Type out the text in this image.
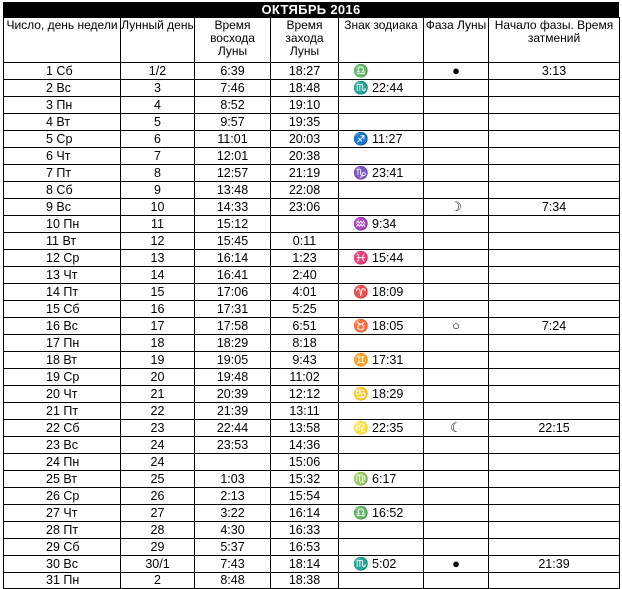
ОКТЯБРЬ 2016
Число, день недели	Лунный день	Время восхода Луны	Время захода Луны	Знак зодиака	Фаза Луны	Начало фазы. Время затмений
1 Сб	1/2	6:39	18:27	♎	●	3:13
2 Вс	3	7:46	18:48	♏ 22:44		
3 Пн	4	8:52	19:10			
4 Вт	5	9:57	19:35			
5 Ср	6	11:01	20:03	♐ 11:27		
6 Чт	7	12:01	20:38			
7 Пт	8	12:57	21:19	♑ 23:41		
8 Сб	9	13:48	22:08			
9 Вс	10	14:33	23:06		☽	7:34
10 Пн	11	15:12		♒ 9:34		
11 Вт	12	15:45	0:11			
12 Ср	13	16:14	1:23	♓ 15:44		
13 Чт	14	16:41	2:40			
14 Пт	15	17:06	4:01	♈ 18:09		
15 Сб	16	17:31	5:25			
16 Вс	17	17:58	6:51	♉ 18:05	○	7:24
17 Пн	18	18:29	8:18			
18 Вт	19	19:05	9:43	♊ 17:31		
19 Ср	20	19:48	11:02			
20 Чт	21	20:39	12:12	♋ 18:29		
21 Пт	22	21:39	13:11			
22 Сб	23	22:44	13:58	♌ 22:35	☾	22:15
23 Вс	24	23:53	14:36			
24 Пн	24		15:06			
25 Вт	25	1:03	15:32	♍ 6:17		
26 Ср	26	2:13	15:54			
27 Чт	27	3:22	16:14	♎ 16:52		
28 Пт	28	4:30	16:33			
29 Сб	29	5:37	16:53			
30 Вс	30/1	7:43	18:14	♏ 5:02	●	21:39
31 Пн	2	8:48	18:38			
